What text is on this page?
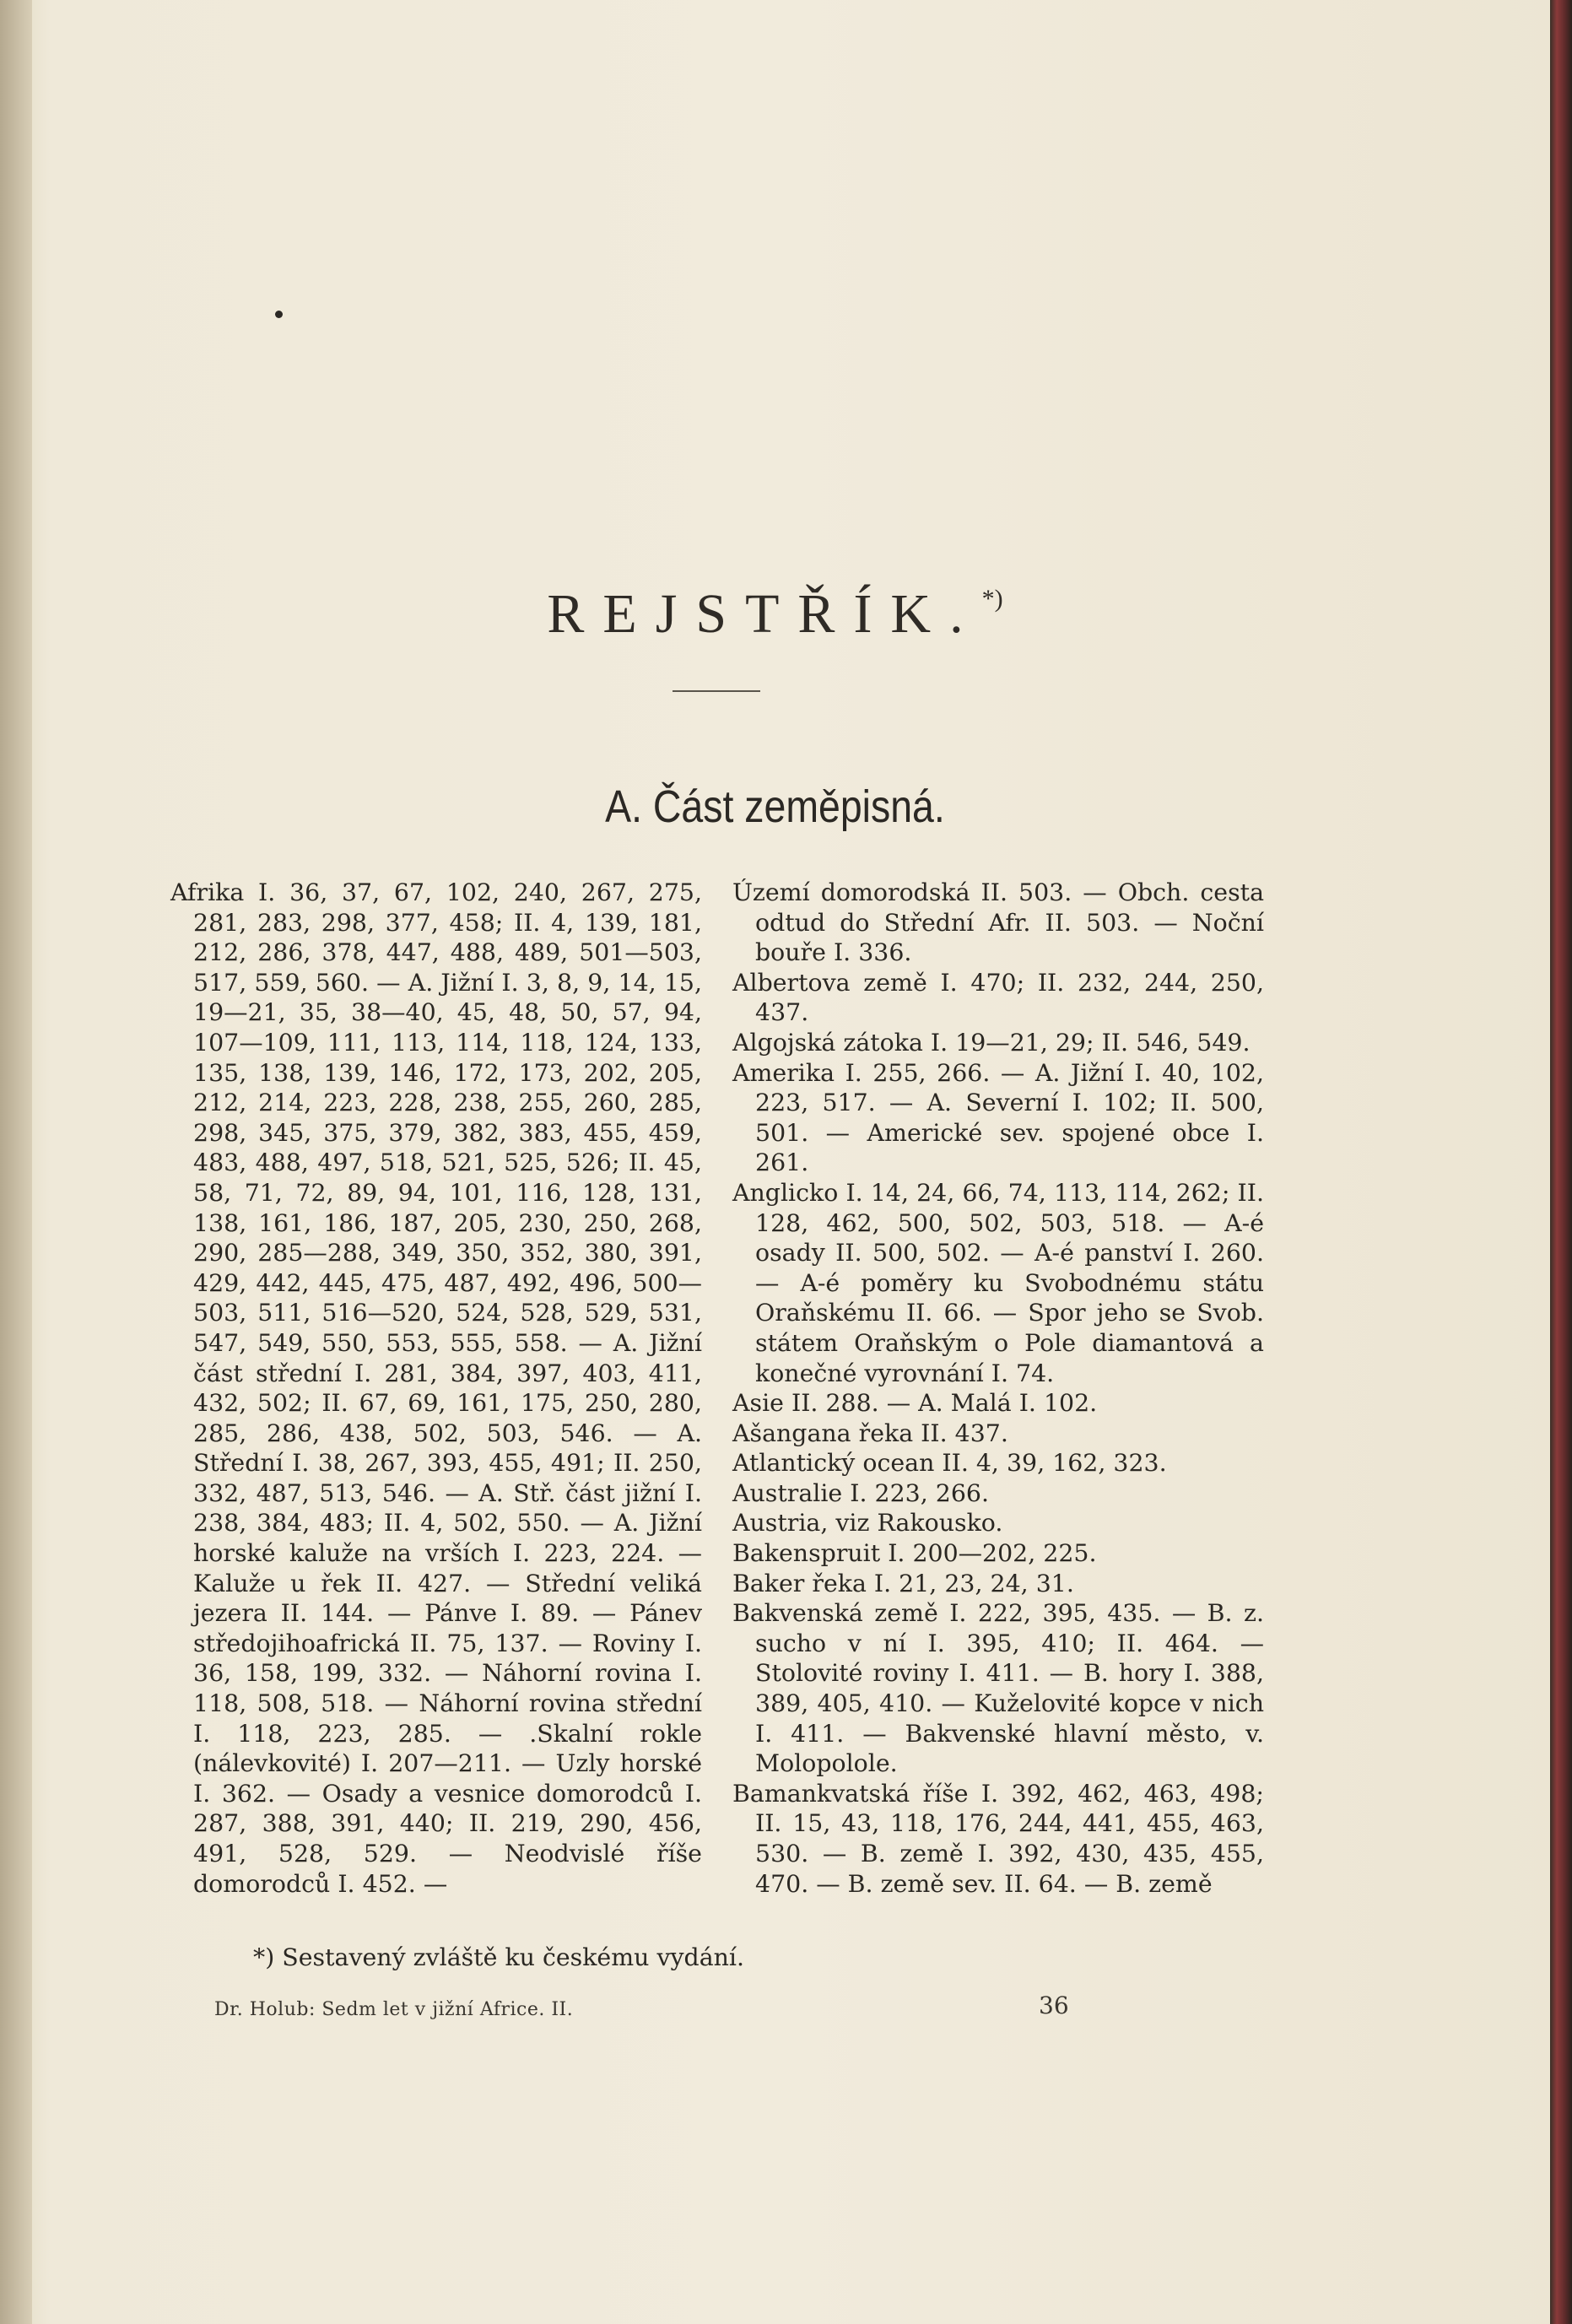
REJSTŘÍK.*)
A. Část zeměpisná.

Afrika I. 36, 37, 67, 102, 240, 267, 275, 281, 283, 298, 377, 458; II. 4, 139, 181, 212, 286, 378, 447, 488, 489, 501—503, 517, 559, 560. — A. Jižní I. 3, 8, 9, 14, 15, 19—21, 35, 38—40, 45, 48, 50, 57, 94, 107—109, 111, 113, 114, 118, 124, 133, 135, 138, 139, 146, 172, 173, 202, 205, 212, 214, 223, 228, 238, 255, 260, 285, 298, 345, 375, 379, 382, 383, 455, 459, 483, 488, 497, 518, 521, 525, 526; II. 45, 58, 71, 72, 89, 94, 101, 116, 128, 131, 138, 161, 186, 187, 205, 230, 250, 268, 290, 285—288, 349, 350, 352, 380, 391, 429, 442, 445, 475, 487, 492, 496, 500—503, 511, 516—520, 524, 528, 529, 531, 547, 549, 550, 553, 555, 558. — A. Jižní část střední I. 281, 384, 397, 403, 411, 432, 502; II. 67, 69, 161, 175, 250, 280, 285, 286, 438, 502, 503, 546. — A. Střední I. 38, 267, 393, 455, 491; II. 250, 332, 487, 513, 546. — A. Stř. část jižní I. 238, 384, 483; II. 4, 502, 550. — A. Jižní horské kaluže na vrších I. 223, 224. — Kaluže u řek II. 427. — Střední veliká jezera II. 144. — Pánve I. 89. — Pánev středojihoafrická II. 75, 137. — Roviny I. 36, 158, 199, 332. — Náhorní rovina I. 118, 508, 518. — Náhorní rovina střední I. 118, 223, 285. — .Skalní rokle (nálevkovité) I. 207—211. — Uzly horské I. 362. — Osady a vesnice domorodců I. 287, 388, 391, 440; II. 219, 290, 456, 491, 528, 529. — Neodvislé říše domorodců I. 452. —

Území domorodská II. 503. — Obch. cesta odtud do Střední Afr. II. 503. — Noční bouře I. 336.

Albertova země I. 470; II. 232, 244, 250, 437.

Algojská zátoka I. 19—21, 29; II. 546, 549.

Amerika I. 255, 266. — A. Jižní I. 40, 102, 223, 517. — A. Severní I. 102; II. 500, 501. — Americké sev. spojené obce I. 261.

Anglicko I. 14, 24, 66, 74, 113, 114, 262; II. 128, 462, 500, 502, 503, 518. — A-é osady II. 500, 502. — A-é panství I. 260. — A-é poměry ku Svobodnému státu Oraňskému II. 66. — Spor jeho se Svob. státem Oraňským o Pole diamantová a konečné vyrovnání I. 74.

Asie II. 288. — A. Malá I. 102.

Ašangana řeka II. 437.

Atlantický ocean II. 4, 39, 162, 323.

Australie I. 223, 266.

Austria, viz Rakousko.

Bakenspruit I. 200—202, 225.

Baker řeka I. 21, 23, 24, 31.

Bakvenská země I. 222, 395, 435. — B. z. sucho v ní I. 395, 410; II. 464. — Stolovité roviny I. 411. — B. hory I. 388, 389, 405, 410. — Kuželovité kopce v nich I. 411. — Bakvenské hlavní město, v. Molopolole.

Bamankvatská říše I. 392, 462, 463, 498; II. 15, 43, 118, 176, 244, 441, 455, 463, 530. — B. země I. 392, 430, 435, 455, 470. — B. země sev. II. 64. — B. země

*) Sestavený zvláště ku českému vydání.
Dr. Holub: Sedm let v jižní Africe. II.	36
